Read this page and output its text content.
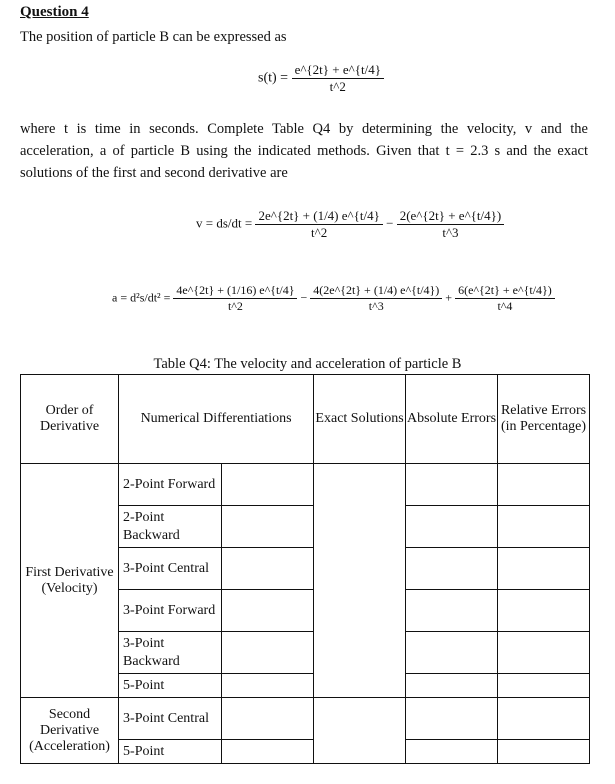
Question 4
The position of particle B can be expressed as
$s(t) = \frac{e\^{}\{2t\} + e\^{}\{t/4\}}{t\^{}2}$
where t is time in seconds. Complete Table Q4 by determining the velocity, v and the acceleration, a of particle B using the indicated methods. Given that t = 2.3 s and the exact solutions of the first and second derivative are
$v = ds/dt = \frac{2e\^{}\{2t\} + (1/4) e\^{}\{t/4\}}{t\^{}2} - \frac{2(e\^{}\{2t\} + e\^{}\{t/4\})}{t\^{}3}$
$a = d^2s/dt^2 = \frac{4e\^{}\{2t\} + (1/16) e\^{}\{t/4\}}{t\^{}2} - \frac{4(2e\^{}\{2t\} + (1/4) e\^{}\{t/4\})}{t\^{}3} + \frac{6(e\^{}\{2t\} + e\^{}\{t/4\})}{t\^{}4}$
Table Q4: The velocity and acceleration of particle B
Order of Derivative	Numerical Differentiations		Exact Solutions	Absolute Errors	Relative Errors (in Percentage)
First Derivative (Velocity)	2-Point Forward				
	2-Point Backward				
	3-Point Central				
	3-Point Forward				
	3-Point Backward				
	5-Point				
Second Derivative (Acceleration)	3-Point Central				
	5-Point				
